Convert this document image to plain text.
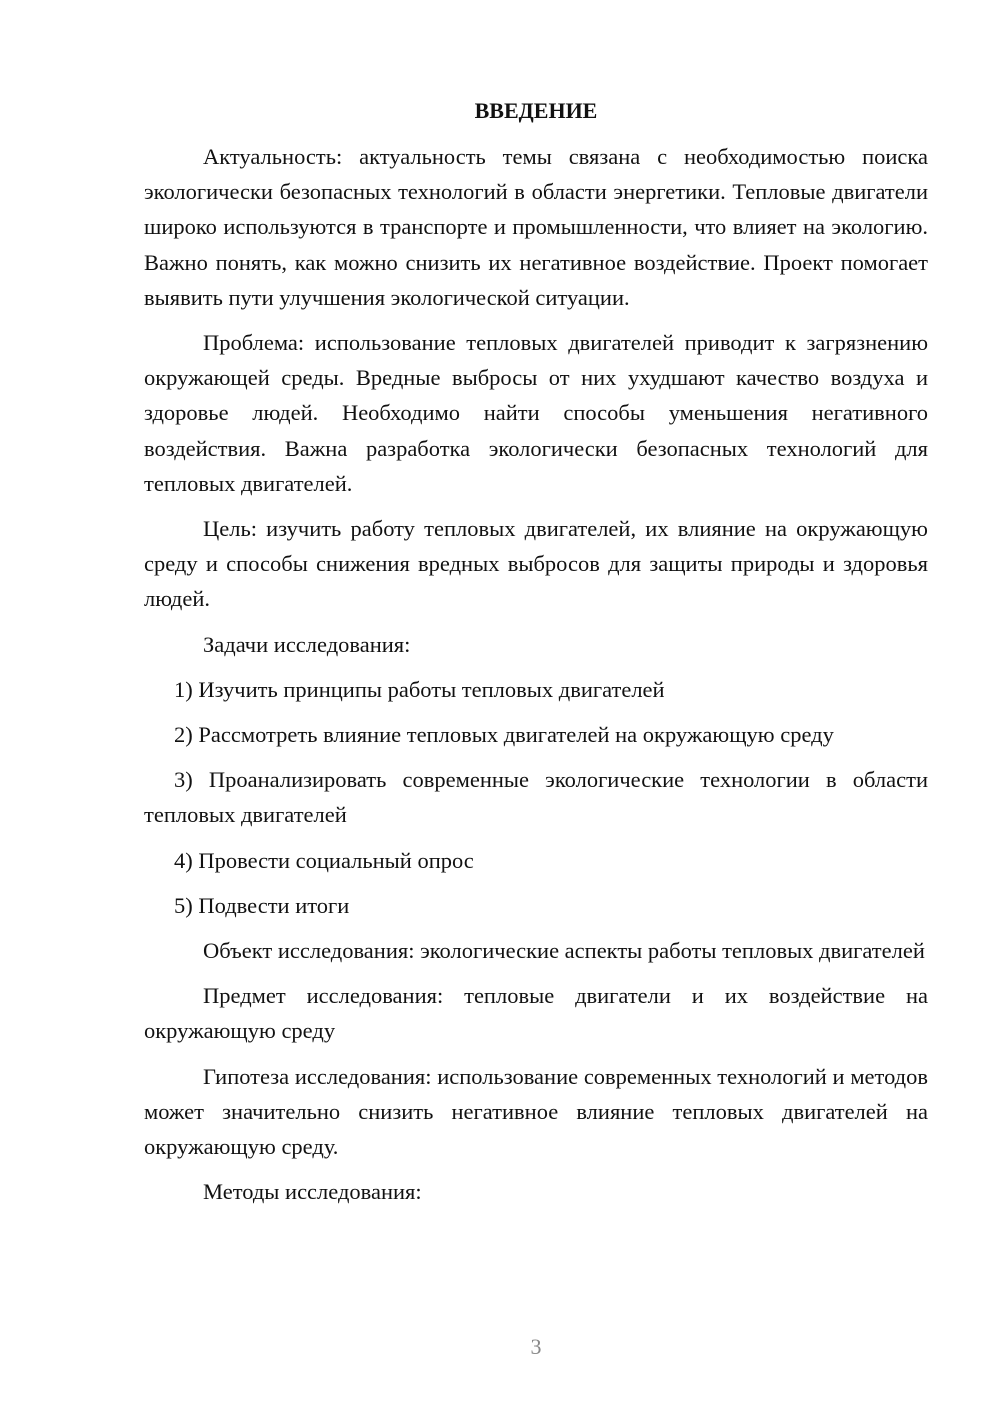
ВВЕДЕНИЕ

Актуальность: актуальность темы связана с необходимостью поиска экологически безопасных технологий в области энергетики. Тепловые двигатели широко используются в транспорте и промышленности, что влияет на экологию. Важно понять, как можно снизить их негативное воздействие. Проект помогает выявить пути улучшения экологической ситуации.

Проблема: использование тепловых двигателей приводит к загрязнению окружающей среды. Вредные выбросы от них ухудшают качество воздуха и здоровье людей. Необходимо найти способы уменьшения негативного воздействия. Важна разработка экологически безопасных технологий для тепловых двигателей.

Цель: изучить работу тепловых двигателей, их влияние на окружающую среду и способы снижения вредных выбросов для защиты природы и здоровья людей.

Задачи исследования:

1) Изучить принципы работы тепловых двигателей

2) Рассмотреть влияние тепловых двигателей на окружающую среду

3) Проанализировать современные экологические технологии в области тепловых двигателей

4) Провести социальный опрос

5) Подвести итоги

Объект исследования: экологические аспекты работы тепловых двигателей

Предмет исследования: тепловые двигатели и их воздействие на окружающую среду

Гипотеза исследования: использование современных технологий и методов может значительно снизить негативное влияние тепловых двигателей на окружающую среду.

Методы исследования:

3
